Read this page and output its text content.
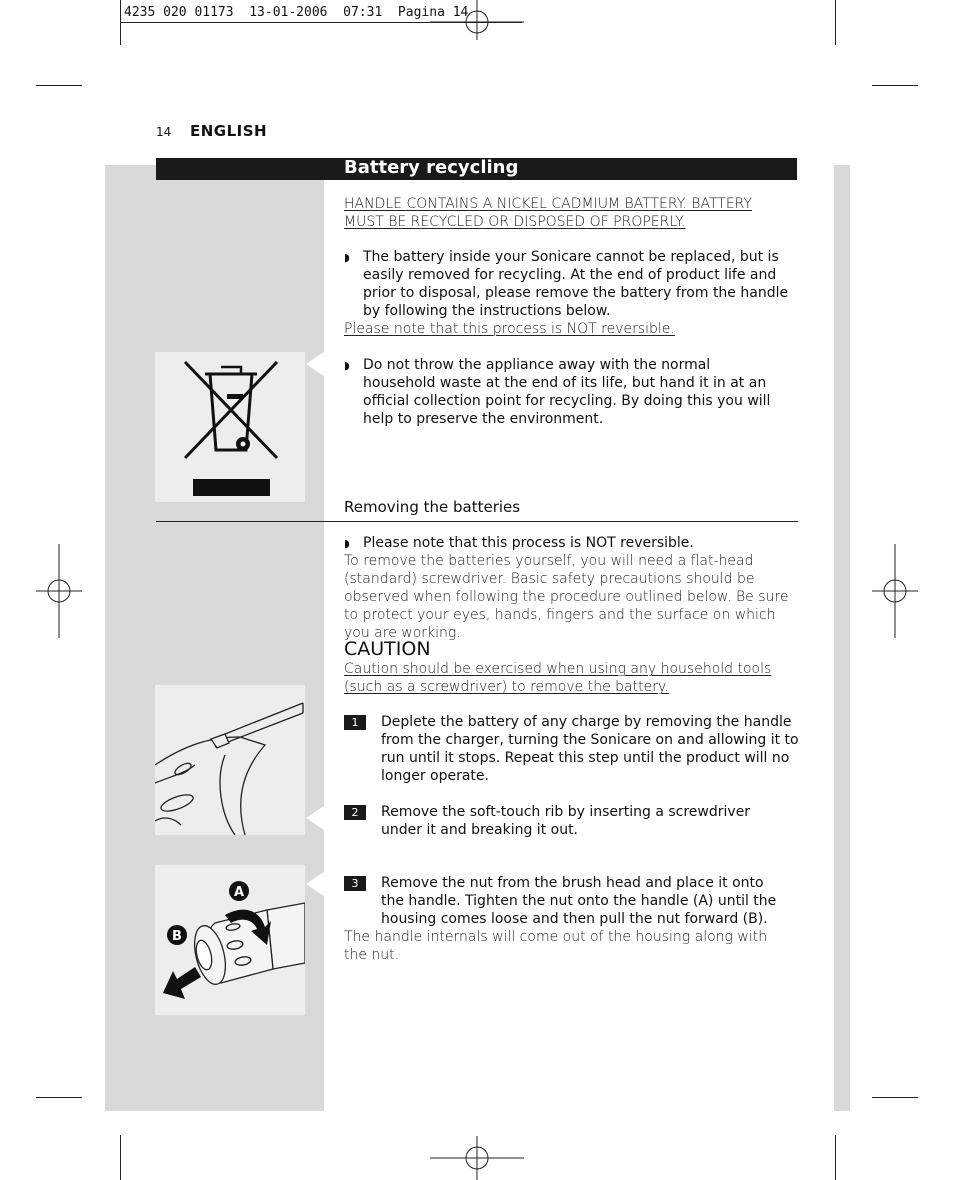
4235 020 01173  13-01-2006  07:31  Pagina 14
14 ENGLISH
Battery recycling
HANDLE CONTAINS A NICKEL CADMIUM BATTERY. BATTERY MUST BE RECYCLED OR DISPOSED OF PROPERLY.
◗ The battery inside your Sonicare cannot be replaced, but is easily removed for recycling. At the end of product life and prior to disposal, please remove the battery from the handle by following the instructions below.
Please note that this process is NOT reversible.
◗ Do not throw the appliance away with the normal household waste at the end of its life, but hand it in at an official collection point for recycling. By doing this you will help to preserve the environment.
Removing the batteries
◗ Please note that this process is NOT reversible.
To remove the batteries yourself, you will need a flat-head (standard) screwdriver. Basic safety precautions should be observed when following the procedure outlined below. Be sure to protect your eyes, hands, fingers and the surface on which you are working.
CAUTION
Caution should be exercised when using any household tools (such as a screwdriver) to remove the battery.
1	Deplete the battery of any charge by removing the handle from the charger, turning the Sonicare on and allowing it to run until it stops. Repeat this step until the product will no longer operate.
2	Remove the soft-touch rib by inserting a screwdriver under it and breaking it out.
A
B
3	Remove the nut from the brush head and place it onto the handle. Tighten the nut onto the handle (A) until the housing comes loose and then pull the nut forward (B).
The handle internals will come out of the housing along with the nut.
